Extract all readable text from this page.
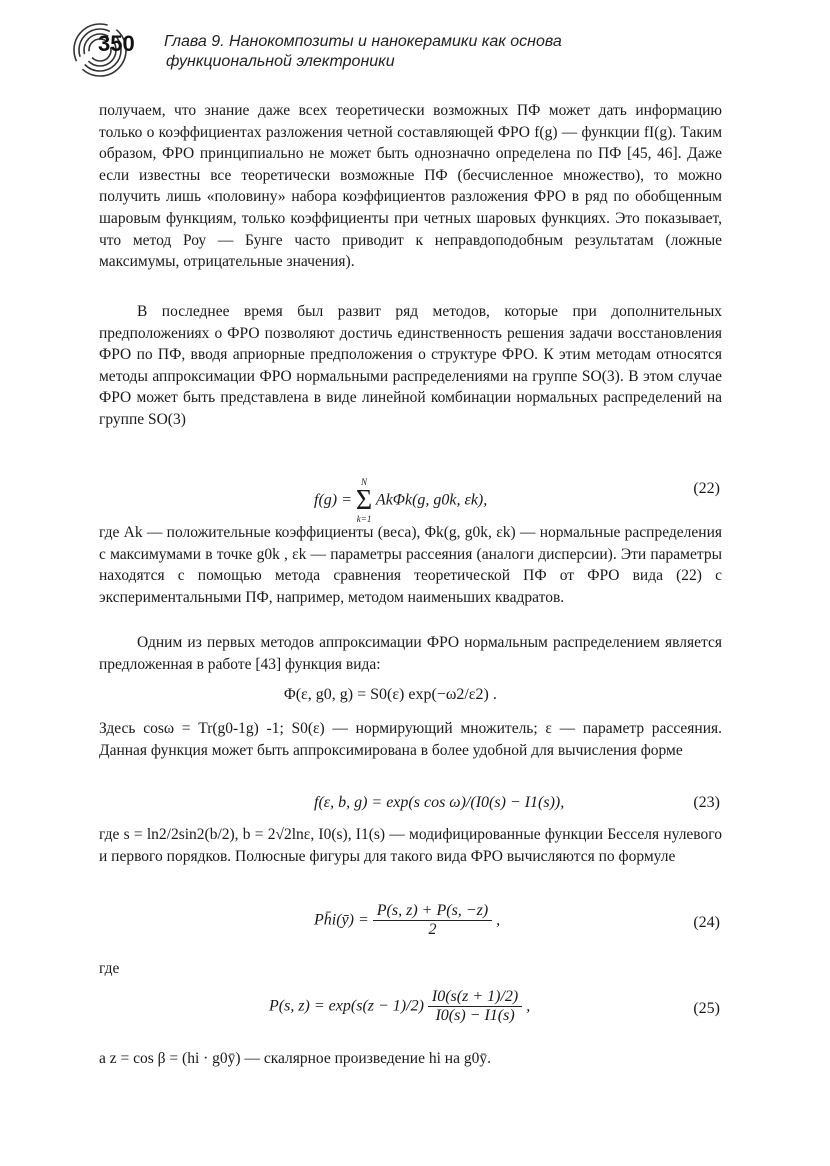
350 Глава 9. Нанокомпозиты и нанокерамики как основа
функциональной электроники

получаем, что знание даже всех теоретически возможных ПФ может дать информацию только о коэффициентах разложения четной составляющей ФРО f(g) — функции fI(g). Таким образом, ФРО принципиально не может быть однозначно определена по ПФ [45, 46]. Даже если известны все теоретически возможные ПФ (бесчисленное множество), то можно получить лишь «половину» набора коэффициентов разложения ФРО в ряд по обобщенным шаровым функциям, только коэффициенты при четных шаровых функциях. Это показывает, что метод Роу — Бунге часто приводит к неправдоподобным результатам (ложные максимумы, отрицательные значения).

В последнее время был развит ряд методов, которые при дополнительных предположениях о ФРО позволяют достичь единственность решения задачи восстановления ФРО по ПФ, вводя априорные предположения о структуре ФРО. К этим методам относятся методы аппроксимации ФРО нормальными распределениями на группе SO(3). В этом случае ФРО может быть представлена в виде линейной комбинации нормальных распределений на группе SO(3)

f(g) =
N
Σ
k=1
AkΦk(g, g0k, εk),
(22)

где Ak — положительные коэффициенты (веса), Φk(g, g0k, εk) — нормальные распределения с максимумами в точке g0k , εk — параметры рассеяния (аналоги дисперсии). Эти параметры находятся с помощью метода сравнения теоретической ПФ от ФРО вида (22) с экспериментальными ПФ, например, методом наименьших квадратов.

Одним из первых методов аппроксимации ФРО нормальным распределением является предложенная в работе [43] функция вида:

Φ(ε, g0, g) = S0(ε) exp(−ω2/ε2) .

Здесь cosω = Tr(g0-1g) -1; S0(ε) — нормирующий множитель; ε — параметр рассеяния. Данная функция может быть аппроксимирована в более удобной для вычисления форме

f(ε, b, g) = exp(s cos ω)/(I0(s) − I1(s)),	(23)

где s = ln2/2sin2(b/2), b = 2√2lnε, I0(s), I1(s) — модифицированные функции Бесселя нулевого и первого порядков. Полюсные фигуры для такого вида ФРО вычисляются по формуле

Ph̄i(ȳ) = $\frac{P(s, z) + P(s, -z)}{2}$ ,	(24)

где

P(s, $z) = \exp(s(z - 1)/2) \frac{I0(s(z + 1)/2)}{I0(s) - I1(s)}$ ,	(25)

а z = cos β = (hi · g0ȳ) — скалярное произведение hi на g0ȳ.
